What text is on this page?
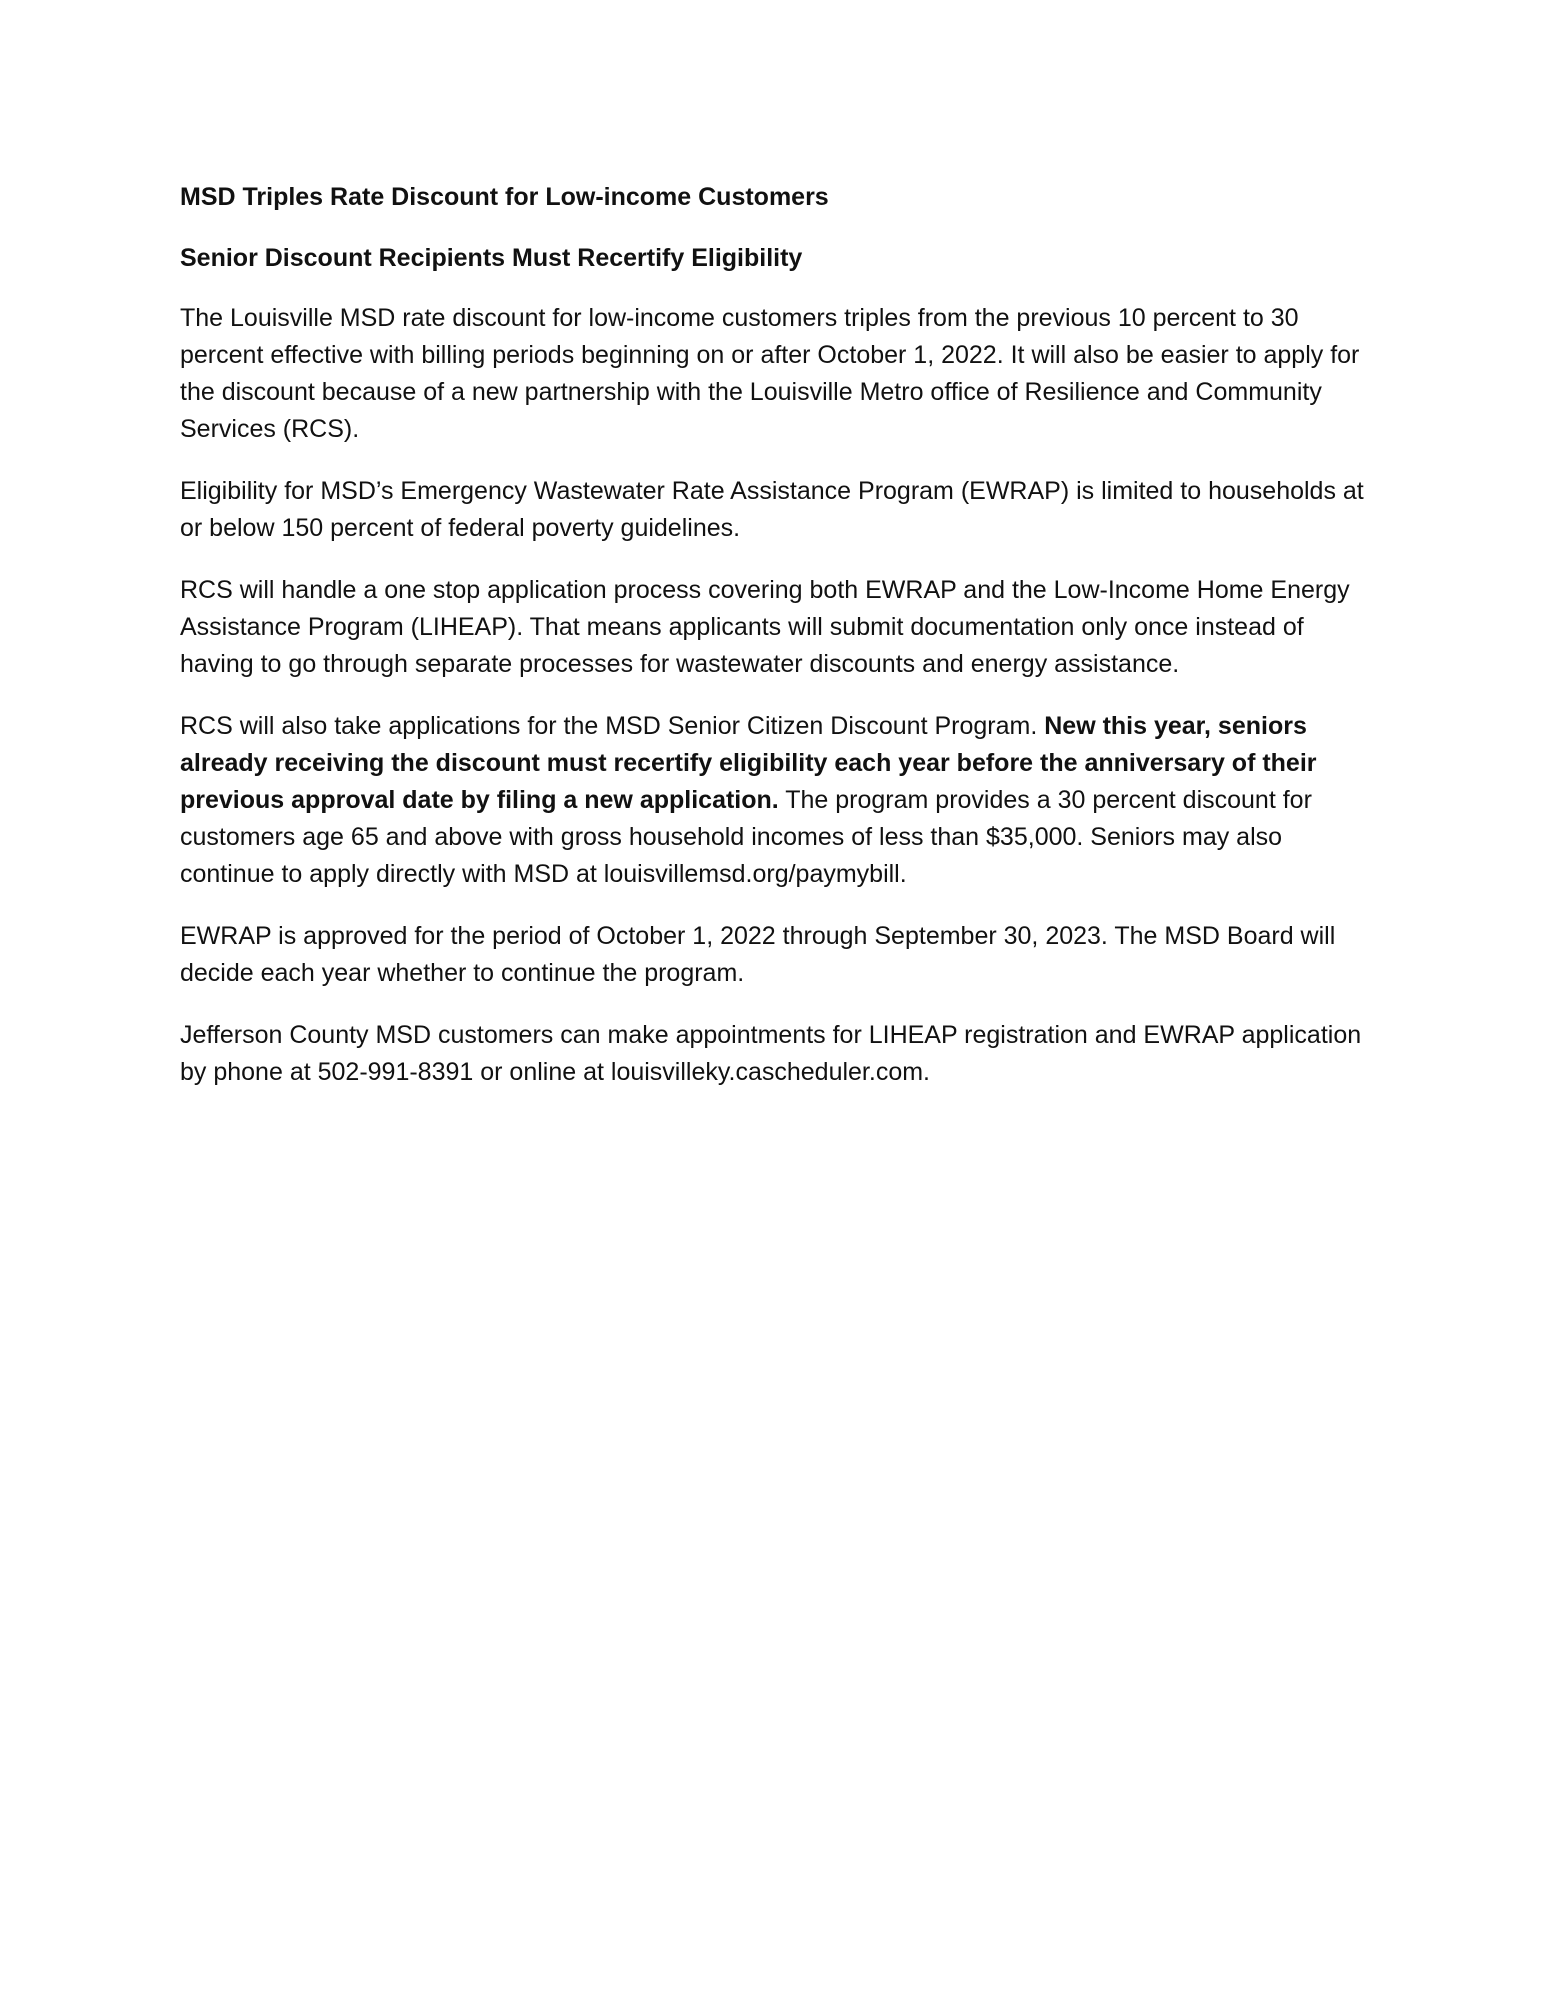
MSD Triples Rate Discount for Low-income Customers
Senior Discount Recipients Must Recertify Eligibility

The Louisville MSD rate discount for low-income customers triples from the previous 10 percent to 30 percent effective with billing periods beginning on or after October 1, 2022. It will also be easier to apply for the discount because of a new partnership with the Louisville Metro office of Resilience and Community Services (RCS).

Eligibility for MSD’s Emergency Wastewater Rate Assistance Program (EWRAP) is limited to households at or below 150 percent of federal poverty guidelines.

RCS will handle a one stop application process covering both EWRAP and the Low-Income Home Energy Assistance Program (LIHEAP). That means applicants will submit documentation only once instead of having to go through separate processes for wastewater discounts and energy assistance.

RCS will also take applications for the MSD Senior Citizen Discount Program. New this year, seniors already receiving the discount must recertify eligibility each year before the anniversary of their previous approval date by filing a new application. The program provides a 30 percent discount for customers age 65 and above with gross household incomes of less than $35,000. Seniors may also continue to apply directly with MSD at louisvillemsd.org/paymybill.

EWRAP is approved for the period of October 1, 2022 through September 30, 2023. The MSD Board will decide each year whether to continue the program.

Jefferson County MSD customers can make appointments for LIHEAP registration and EWRAP application by phone at 502-991-8391 or online at louisvilleky.cascheduler.com.
